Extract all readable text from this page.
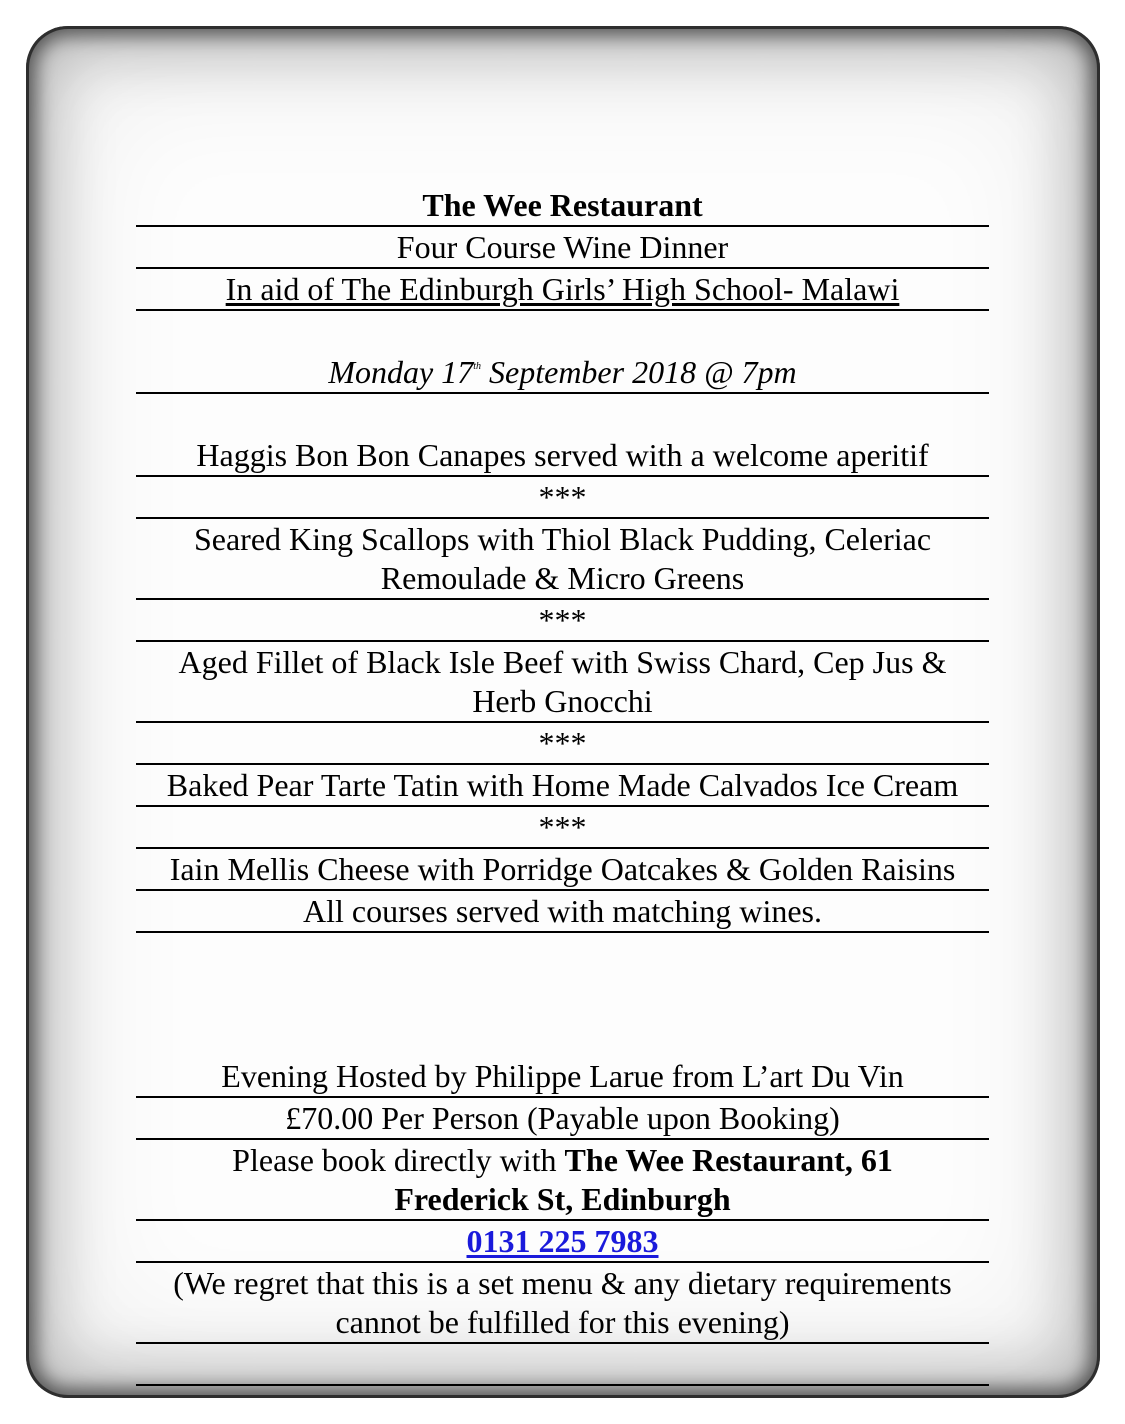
The Wee Restaurant
Four Course Wine Dinner
In aid of The Edinburgh Girls’ High School- Malawi
Monday 17th September 2018 @ 7pm
Haggis Bon Bon Canapes served with a welcome aperitif
***
Seared King Scallops with Thiol Black Pudding, Celeriac
Remoulade & Micro Greens
***
Aged Fillet of Black Isle Beef with Swiss Chard, Cep Jus &
Herb Gnocchi
***
Baked Pear Tarte Tatin with Home Made Calvados Ice Cream
***
Iain Mellis Cheese with Porridge Oatcakes & Golden Raisins
All courses served with matching wines.
Evening Hosted by Philippe Larue from L’art Du Vin
£70.00 Per Person (Payable upon Booking)
Please book directly with The Wee Restaurant, 61
Frederick St, Edinburgh
0131 225 7983
(We regret that this is a set menu & any dietary requirements
cannot be fulfilled for this evening)
